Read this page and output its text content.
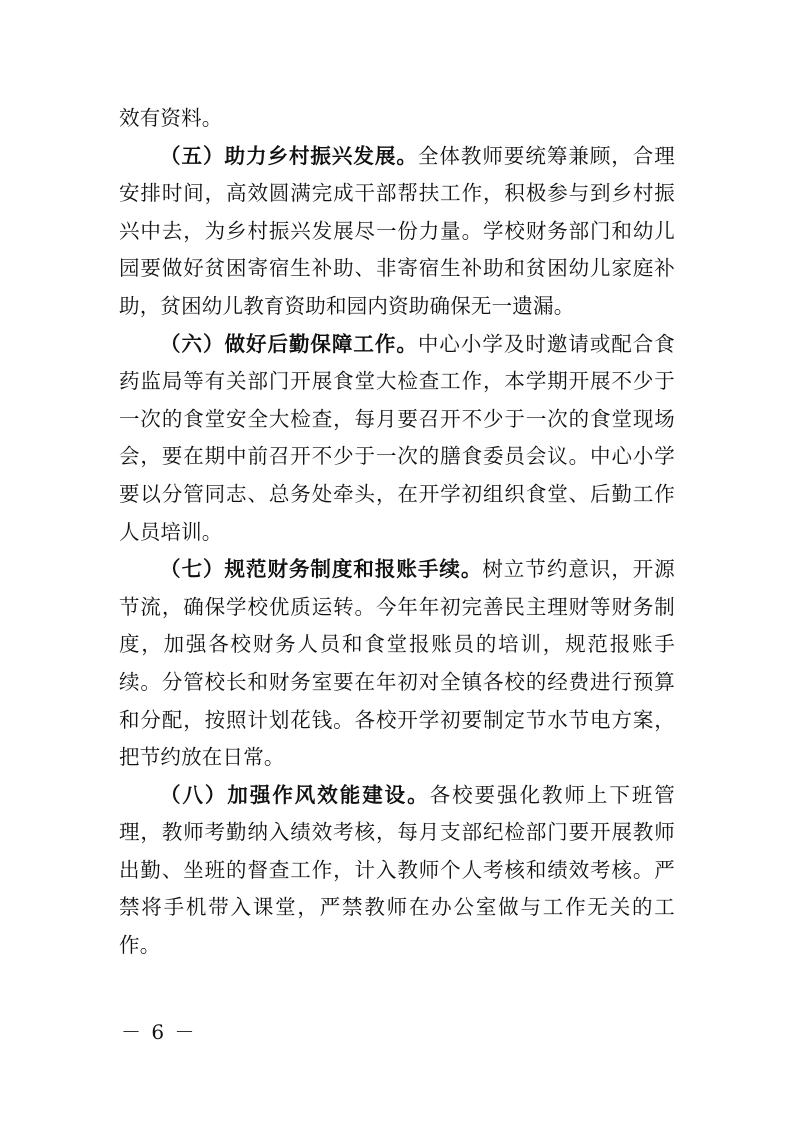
效有资料。

（五）助力乡村振兴发展。全体教师要统筹兼顾，合理安排时间，高效圆满完成干部帮扶工作，积极参与到乡村振兴中去，为乡村振兴发展尽一份力量。学校财务部门和幼儿园要做好贫困寄宿生补助、非寄宿生补助和贫困幼儿家庭补助，贫困幼儿教育资助和园内资助确保无一遗漏。

（六）做好后勤保障工作。中心小学及时邀请或配合食药监局等有关部门开展食堂大检查工作，本学期开展不少于一次的食堂安全大检查，每月要召开不少于一次的食堂现场会，要在期中前召开不少于一次的膳食委员会议。中心小学要以分管同志、总务处牵头，在开学初组织食堂、后勤工作人员培训。

（七）规范财务制度和报账手续。树立节约意识，开源节流，确保学校优质运转。今年年初完善民主理财等财务制度，加强各校财务人员和食堂报账员的培训，规范报账手续。分管校长和财务室要在年初对全镇各校的经费进行预算和分配，按照计划花钱。各校开学初要制定节水节电方案，把节约放在日常。

（八）加强作风效能建设。各校要强化教师上下班管理，教师考勤纳入绩效考核，每月支部纪检部门要开展教师出勤、坐班的督查工作，计入教师个人考核和绩效考核。严禁将手机带入课堂，严禁教师在办公室做与工作无关的工作。

－ 6 －
